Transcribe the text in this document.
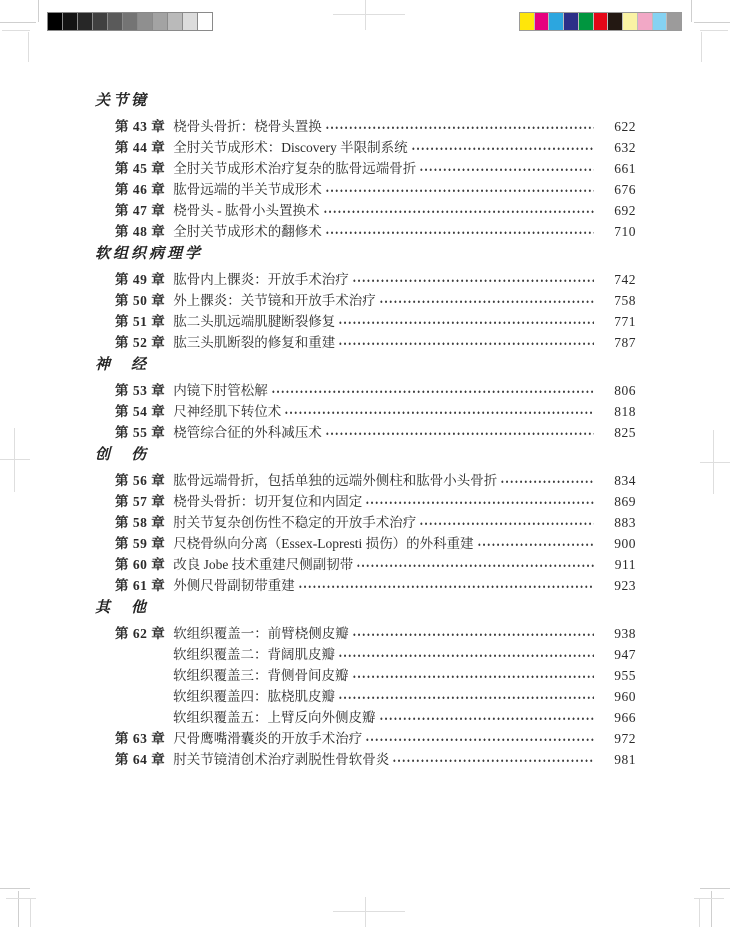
关节镜
第 43 章 桡骨头骨折：桡骨头置换	622
第 44 章 全肘关节成形术：Discovery 半限制系统	632
第 45 章 全肘关节成形术治疗复杂的肱骨远端骨折	661
第 46 章 肱骨远端的半关节成形术	676
第 47 章 桡骨头 - 肱骨小头置换术	692
第 48 章 全肘关节成形术的翻修术	710
软组织病理学
第 49 章 肱骨内上髁炎：开放手术治疗	742
第 50 章 外上髁炎：关节镜和开放手术治疗	758
第 51 章 肱二头肌远端肌腱断裂修复	771
第 52 章 肱三头肌断裂的修复和重建	787
神　经
第 53 章 内镜下肘管松解	806
第 54 章 尺神经肌下转位术	818
第 55 章 桡管综合征的外科减压术	825
创　伤
第 56 章 肱骨远端骨折，包括单独的远端外侧柱和肱骨小头骨折	834
第 57 章 桡骨头骨折：切开复位和内固定	869
第 58 章 肘关节复杂创伤性不稳定的开放手术治疗	883
第 59 章 尺桡骨纵向分离（Essex-Lopresti 损伤）的外科重建	900
第 60 章 改良 Jobe 技术重建尺侧副韧带	911
第 61 章 外侧尺骨副韧带重建	923
其　他
第 62 章 软组织覆盖一：前臂桡侧皮瓣	938
软组织覆盖二：背阔肌皮瓣	947
软组织覆盖三：背侧骨间皮瓣	955
软组织覆盖四：肱桡肌皮瓣	960
软组织覆盖五：上臂反向外侧皮瓣	966
第 63 章 尺骨鹰嘴滑囊炎的开放手术治疗	972
第 64 章 肘关节镜清创术治疗剥脱性骨软骨炎	981
